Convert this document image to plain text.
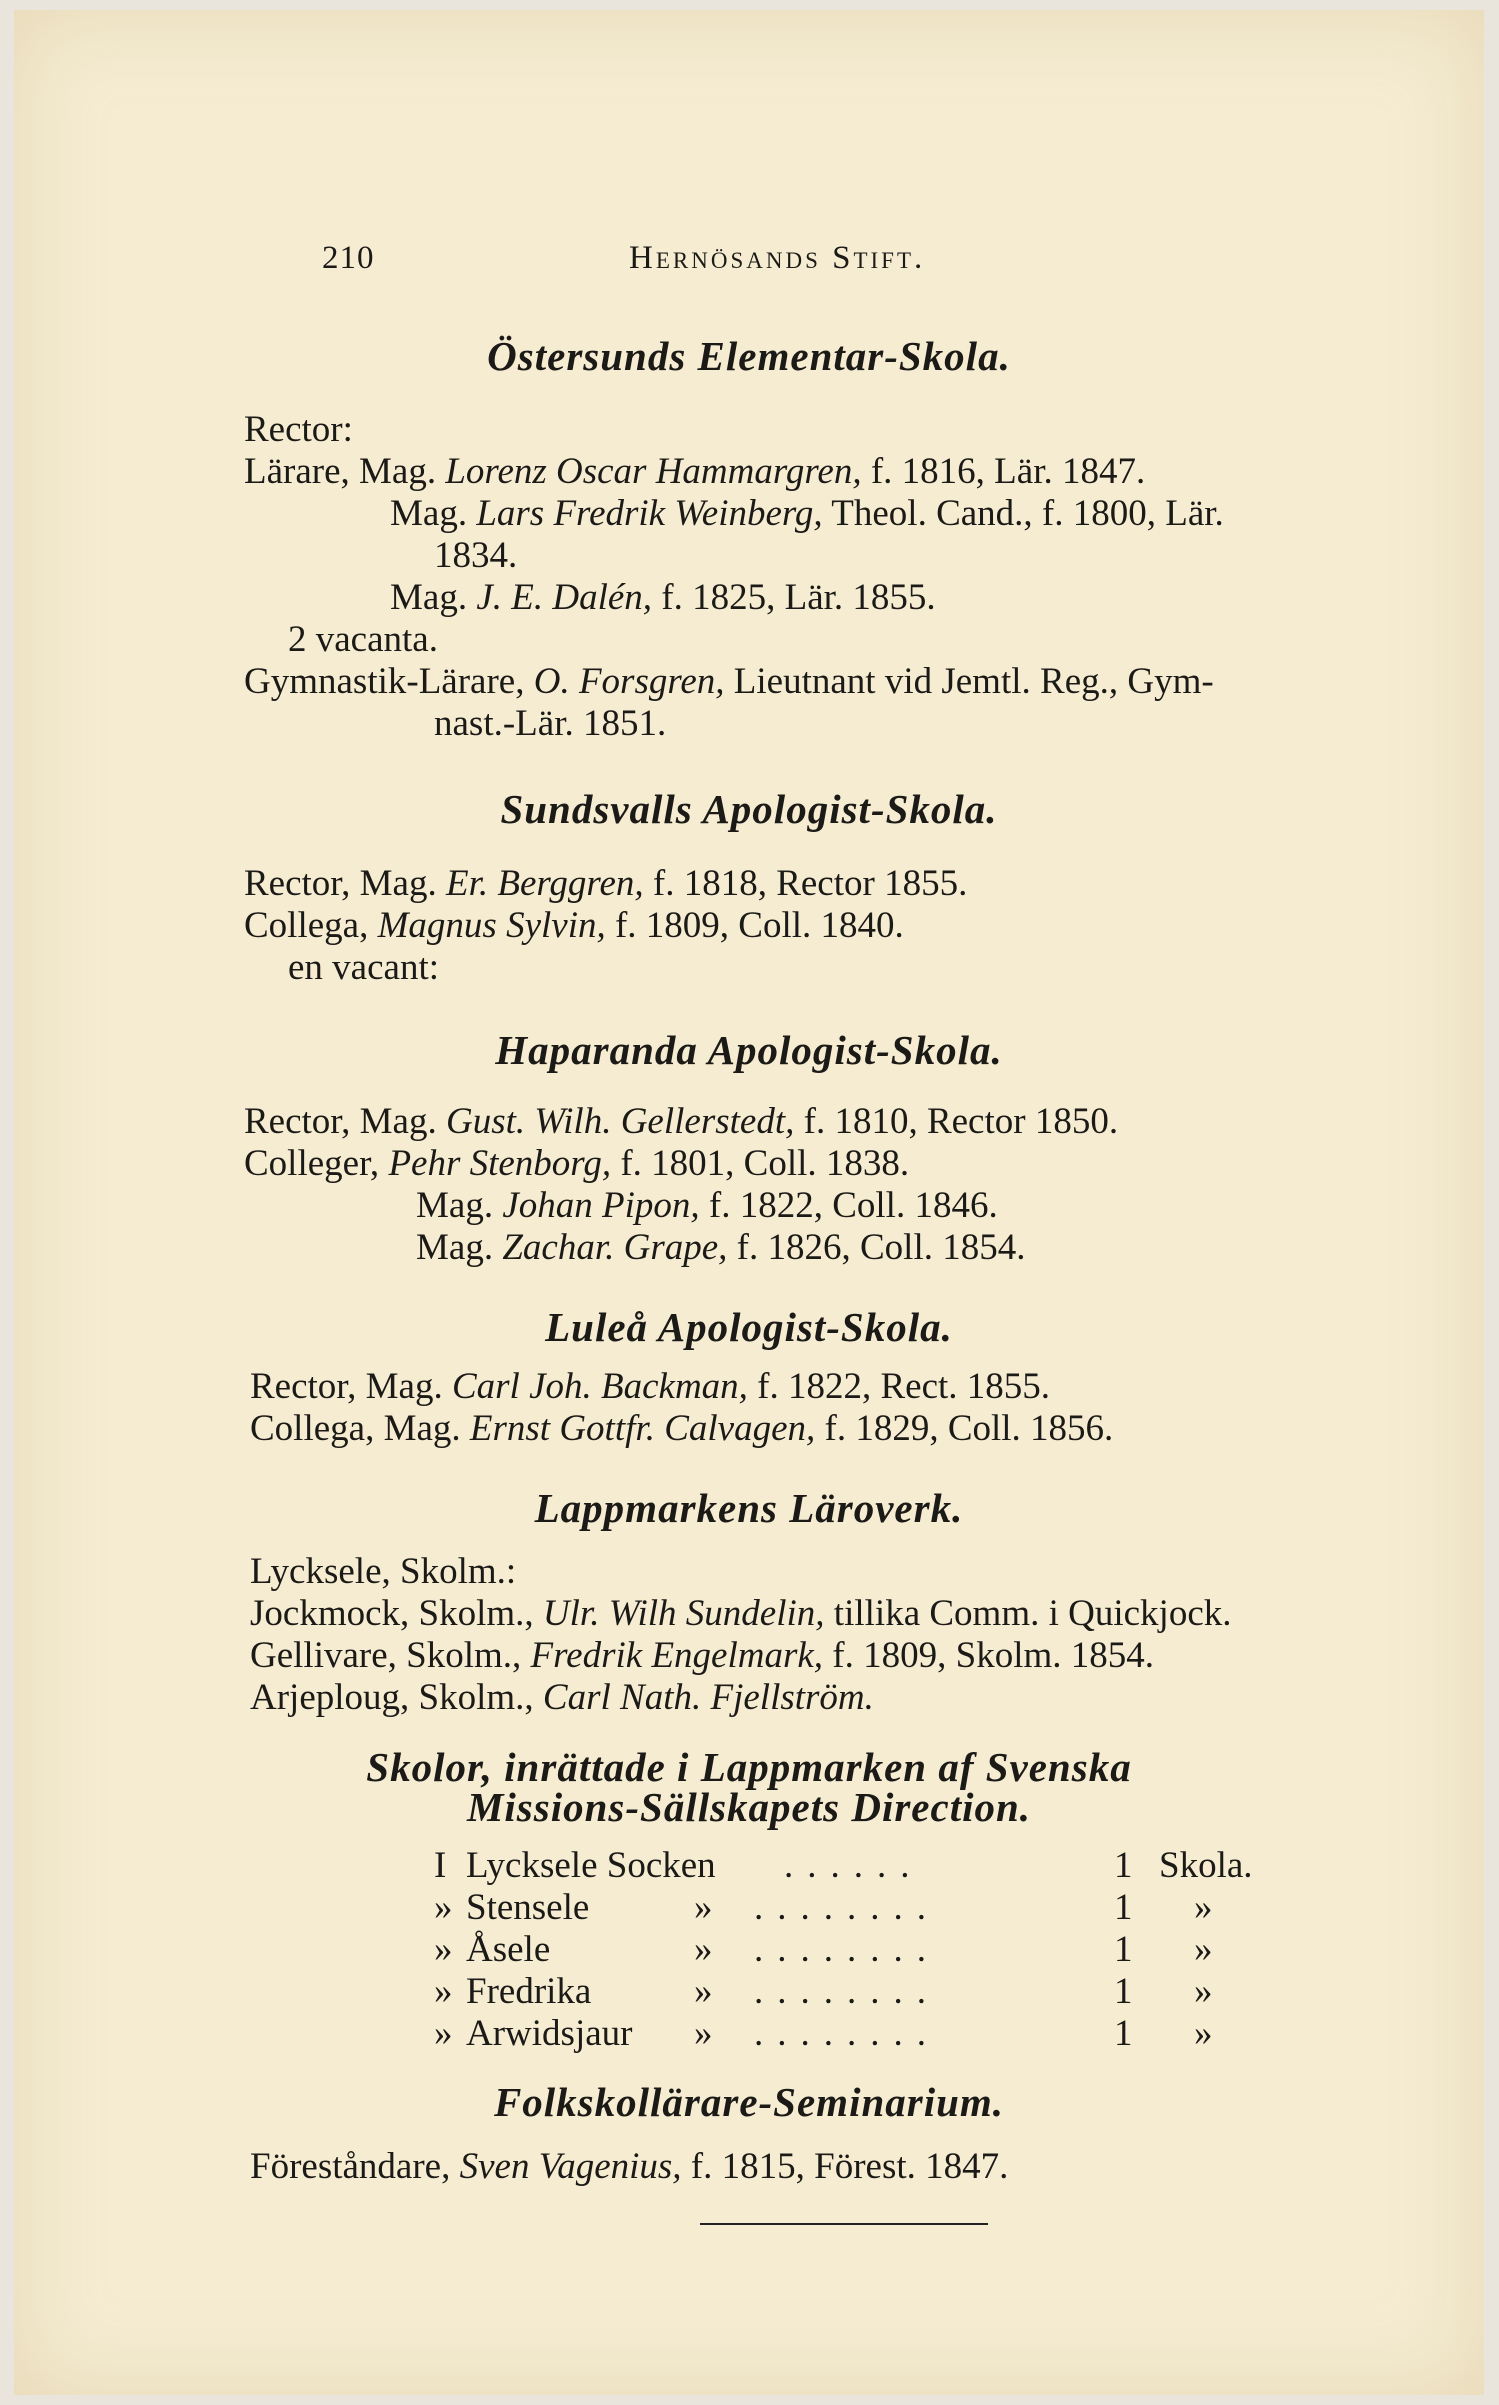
210	Hernösands Stift.
Östersunds Elementar-Skola.
Rector:
Lärare, Mag. Lorenz Oscar Hammargren, f. 1816, Lär. 1847.
Mag. Lars Fredrik Weinberg, Theol. Cand., f. 1800, Lär.
1834.
Mag. J. E. Dalén, f. 1825, Lär. 1855.
2 vacanta.
Gymnastik-Lärare, O. Forsgren, Lieutnant vid Jemtl. Reg., Gym-
nast.-Lär. 1851.
Sundsvalls Apologist-Skola.
Rector, Mag. Er. Berggren, f. 1818, Rector 1855.
Collega, Magnus Sylvin, f. 1809, Coll. 1840.
en vacant:
Haparanda Apologist-Skola.
Rector, Mag. Gust. Wilh. Gellerstedt, f. 1810, Rector 1850.
Colleger, Pehr Stenborg, f. 1801, Coll. 1838.
Mag. Johan Pipon, f. 1822, Coll. 1846.
Mag. Zachar. Grape, f. 1826, Coll. 1854.
Luleå Apologist-Skola.
Rector, Mag. Carl Joh. Backman, f. 1822, Rect. 1855.
Collega, Mag. Ernst Gottfr. Calvagen, f. 1829, Coll. 1856.
Lappmarkens Läroverk.
Lycksele, Skolm.:
Jockmock, Skolm., Ulr. Wilh Sundelin, tillika Comm. i Quickjock.
Gellivare, Skolm., Fredrik Engelmark, f. 1809, Skolm. 1854.
Arjeploug, Skolm., Carl Nath. Fjellström.
Skolor, inrättade i Lappmarken af Svenska
Missions-Sällskapets Direction.
I Lycksele Socken ......	1 Skola.
» Stensele	» ........	1 »
» Åsele	» ........	1 »
» Fredrika	» ........	1 »
» Arwidsjaur » ........	1 »
Folkskollärare-Seminarium.
Föreståndare, Sven Vagenius, f. 1815, Förest. 1847.
